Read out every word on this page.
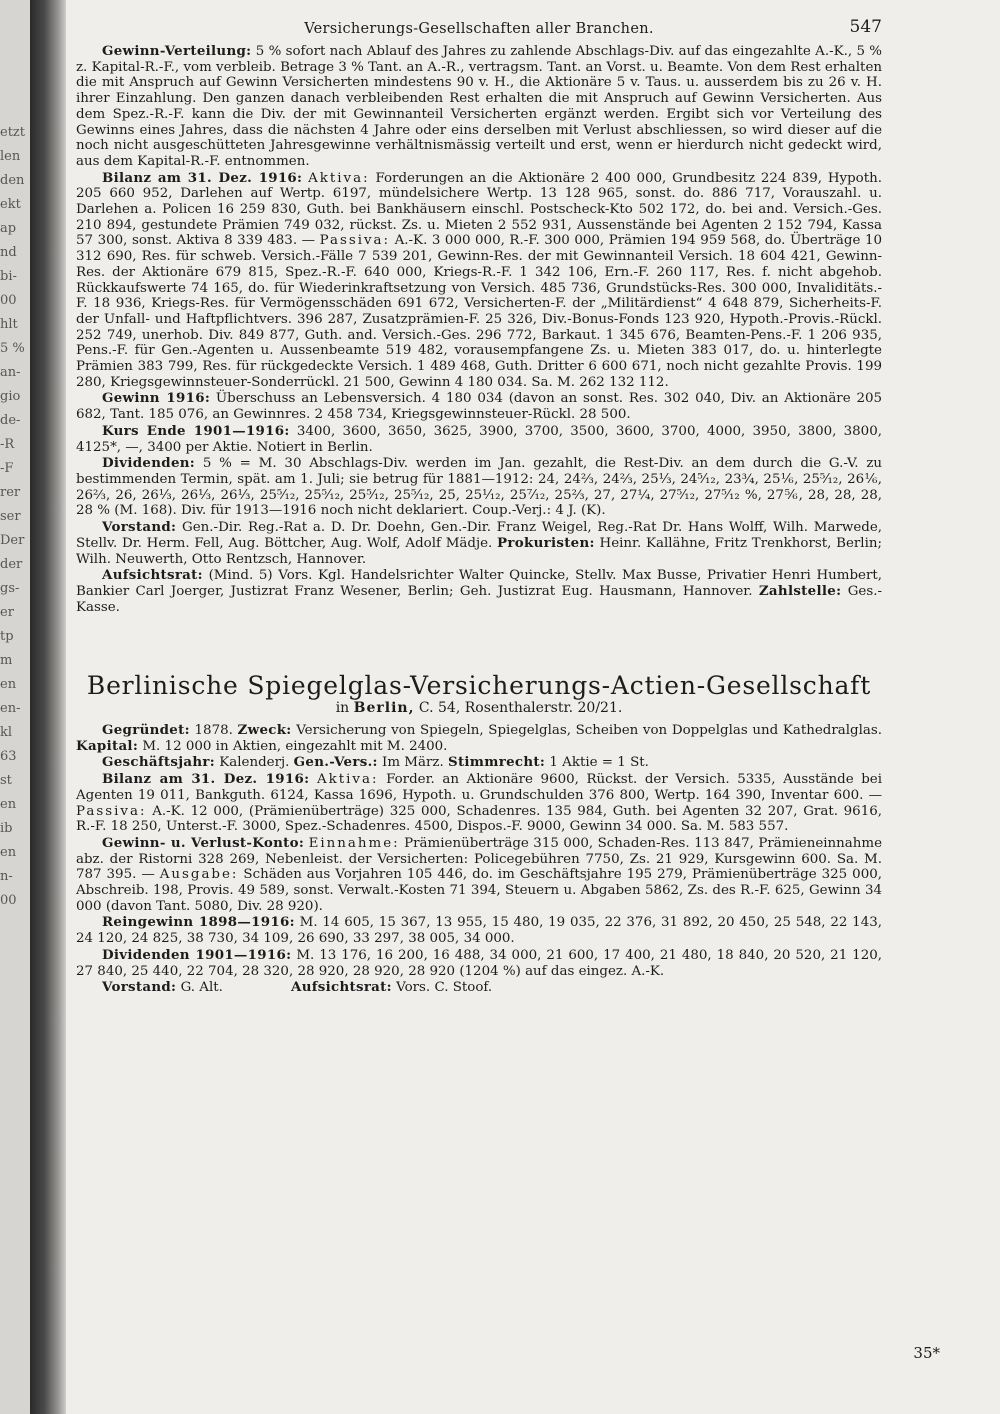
etzt
len
den
ekt
ap
nd
bi-
00
hlt
5 %
an-
gio
de-
-R
-F
rer
ser
Der
der
gs-
er
tp
m
en
en-
kl
63
st
en
ib
en
n-
00
Versicherungs-Gesellschaften aller Branchen.	547

Gewinn-Verteilung: 5 % sofort nach Ablauf des Jahres zu zahlende Abschlags-Div. auf das eingezahlte A.-K., 5 % z. Kapital-R.-F., vom verbleib. Betrage 3 % Tant. an A.-R., vertragsm. Tant. an Vorst. u. Beamte. Von dem Rest erhalten die mit Anspruch auf Gewinn Versicherten mindestens 90 v. H., die Aktionäre 5 v. Taus. u. ausserdem bis zu 26 v. H. ihrer Einzahlung. Den ganzen danach verbleibenden Rest erhalten die mit Anspruch auf Gewinn Versicherten. Aus dem Spez.-R.-F. kann die Div. der mit Gewinnanteil Versicherten ergänzt werden. Ergibt sich vor Verteilung des Gewinns eines Jahres, dass die nächsten 4 Jahre oder eins derselben mit Verlust abschliessen, so wird dieser auf die noch nicht ausgeschütteten Jahresgewinne verhältnismässig verteilt und erst, wenn er hierdurch nicht gedeckt wird, aus dem Kapital-R.-F. entnommen.

Bilanz am 31. Dez. 1916: Aktiva: Forderungen an die Aktionäre 2 400 000, Grundbesitz 224 839, Hypoth. 205 660 952, Darlehen auf Wertp. 6197, mündelsichere Wertp. 13 128 965, sonst. do. 886 717, Vorauszahl. u. Darlehen a. Policen 16 259 830, Guth. bei Bankhäusern einschl. Postscheck-Kto 502 172, do. bei and. Versich.-Ges. 210 894, gestundete Prämien 749 032, rückst. Zs. u. Mieten 2 552 931, Aussenstände bei Agenten 2 152 794, Kassa 57 300, sonst. Aktiva 8 339 483. — Passiva: A.-K. 3 000 000, R.-F. 300 000, Prämien 194 959 568, do. Überträge 10 312 690, Res. für schweb. Versich.-Fälle 7 539 201, Gewinn-Res. der mit Gewinnanteil Versich. 18 604 421, Gewinn-Res. der Aktionäre 679 815, Spez.-R.-F. 640 000, Kriegs-R.-F. 1 342 106, Ern.-F. 260 117, Res. f. nicht abgehob. Rückkaufswerte 74 165, do. für Wiederinkraftsetzung von Versich. 485 736, Grundstücks-Res. 300 000, Invaliditäts.-F. 18 936, Kriegs-Res. für Vermögensschäden 691 672, Versicherten-F. der „Militärdienst“ 4 648 879, Sicherheits-F. der Unfall- und Haftpflichtvers. 396 287, Zusatzprämien-F. 25 326, Div.-Bonus-Fonds 123 920, Hypoth.-Provis.-Rückl. 252 749, unerhob. Div. 849 877, Guth. and. Versich.-Ges. 296 772, Barkaut. 1 345 676, Beamten-Pens.-F. 1 206 935, Pens.-F. für Gen.-Agenten u. Aussenbeamte 519 482, vorausempfangene Zs. u. Mieten 383 017, do. u. hinterlegte Prämien 383 799, Res. für rückgedeckte Versich. 1 489 468, Guth. Dritter 6 600 671, noch nicht gezahlte Provis. 199 280, Kriegsgewinnsteuer-Sonderrückl. 21 500, Gewinn 4 180 034. Sa. M. 262 132 112.

Gewinn 1916: Überschuss an Lebensversich. 4 180 034 (davon an sonst. Res. 302 040, Div. an Aktionäre 205 682, Tant. 185 076, an Gewinnres. 2 458 734, Kriegsgewinnsteuer-Rückl. 28 500.

Kurs Ende 1901—1916: 3400, 3600, 3650, 3625, 3900, 3700, 3500, 3600, 3700, 4000, 3950, 3800, 3800, 4125*, —, 3400 per Aktie. Notiert in Berlin.

Dividenden: 5 % = M. 30 Abschlags-Div. werden im Jan. gezahlt, die Rest-Div. an dem durch die G.-V. zu bestimmenden Termin, spät. am 1. Juli; sie betrug für 1881—1912: 24, 24⅔, 24⅔, 25⅓, 24⁵⁄₁₂, 23¾, 25⅙, 25⁵⁄₁₂, 26⅙, 26⅔, 26, 26⅓, 26⅓, 26⅓, 25⁵⁄₁₂, 25⁵⁄₁₂, 25⁵⁄₁₂, 25⁵⁄₁₂, 25, 25⅟₁₂, 25⁷⁄₁₂, 25⅔, 27, 27¼, 27⁵⁄₁₂, 27⁵⁄₁₂ %, 27⅚, 28, 28, 28, 28 % (M. 168). Div. für 1913—1916 noch nicht deklariert. Coup.-Verj.: 4 J. (K).

Vorstand: Gen.-Dir. Reg.-Rat a. D. Dr. Doehn, Gen.-Dir. Franz Weigel, Reg.-Rat Dr. Hans Wolff, Wilh. Marwede, Stellv. Dr. Herm. Fell, Aug. Böttcher, Aug. Wolf, Adolf Mädje. Prokuristen: Heinr. Kallähne, Fritz Trenkhorst, Berlin; Wilh. Neuwerth, Otto Rentzsch, Hannover.

Aufsichtsrat: (Mind. 5) Vors. Kgl. Handelsrichter Walter Quincke, Stellv. Max Busse, Privatier Henri Humbert, Bankier Carl Joerger, Justizrat Franz Wesener, Berlin; Geh. Justizrat Eug. Hausmann, Hannover. Zahlstelle: Ges.-Kasse.

Berlinische Spiegelglas-Versicherungs-Actien-Gesellschaft
in Berlin, C. 54, Rosenthalerstr. 20/21.

Gegründet: 1878. Zweck: Versicherung von Spiegeln, Spiegelglas, Scheiben von Doppelglas und Kathedralglas. Kapital: M. 12 000 in Aktien, eingezahlt mit M. 2400.

Geschäftsjahr: Kalenderj. Gen.-Vers.: Im März. Stimmrecht: 1 Aktie = 1 St.

Bilanz am 31. Dez. 1916: Aktiva: Forder. an Aktionäre 9600, Rückst. der Versich. 5335, Ausstände bei Agenten 19 011, Bankguth. 6124, Kassa 1696, Hypoth. u. Grundschulden 376 800, Wertp. 164 390, Inventar 600. — Passiva: A.-K. 12 000, (Prämienüberträge) 325 000, Schadenres. 135 984, Guth. bei Agenten 32 207, Grat. 9616, R.-F. 18 250, Unterst.-F. 3000, Spez.-Schadenres. 4500, Dispos.-F. 9000, Gewinn 34 000. Sa. M. 583 557.

Gewinn- u. Verlust-Konto: Einnahme: Prämienüberträge 315 000, Schaden-Res. 113 847, Prämieneinnahme abz. der Ristorni 328 269, Nebenleist. der Versicherten: Policegebühren 7750, Zs. 21 929, Kursgewinn 600. Sa. M. 787 395. — Ausgabe: Schäden aus Vorjahren 105 446, do. im Geschäftsjahre 195 279, Prämienüberträge 325 000, Abschreib. 198, Provis. 49 589, sonst. Verwalt.-Kosten 71 394, Steuern u. Abgaben 5862, Zs. des R.-F. 625, Gewinn 34 000 (davon Tant. 5080, Div. 28 920).

Reingewinn 1898—1916: M. 14 605, 15 367, 13 955, 15 480, 19 035, 22 376, 31 892, 20 450, 25 548, 22 143, 24 120, 24 825, 38 730, 34 109, 26 690, 33 297, 38 005, 34 000.

Dividenden 1901—1916: M. 13 176, 16 200, 16 488, 34 000, 21 600, 17 400, 21 480, 18 840, 20 520, 21 120, 27 840, 25 440, 22 704, 28 320, 28 920, 28 920, 28 920 (1204 %) auf das eingez. A.-K.

Vorstand: G. Alt.	Aufsichtsrat: Vors. C. Stoof.

35*
